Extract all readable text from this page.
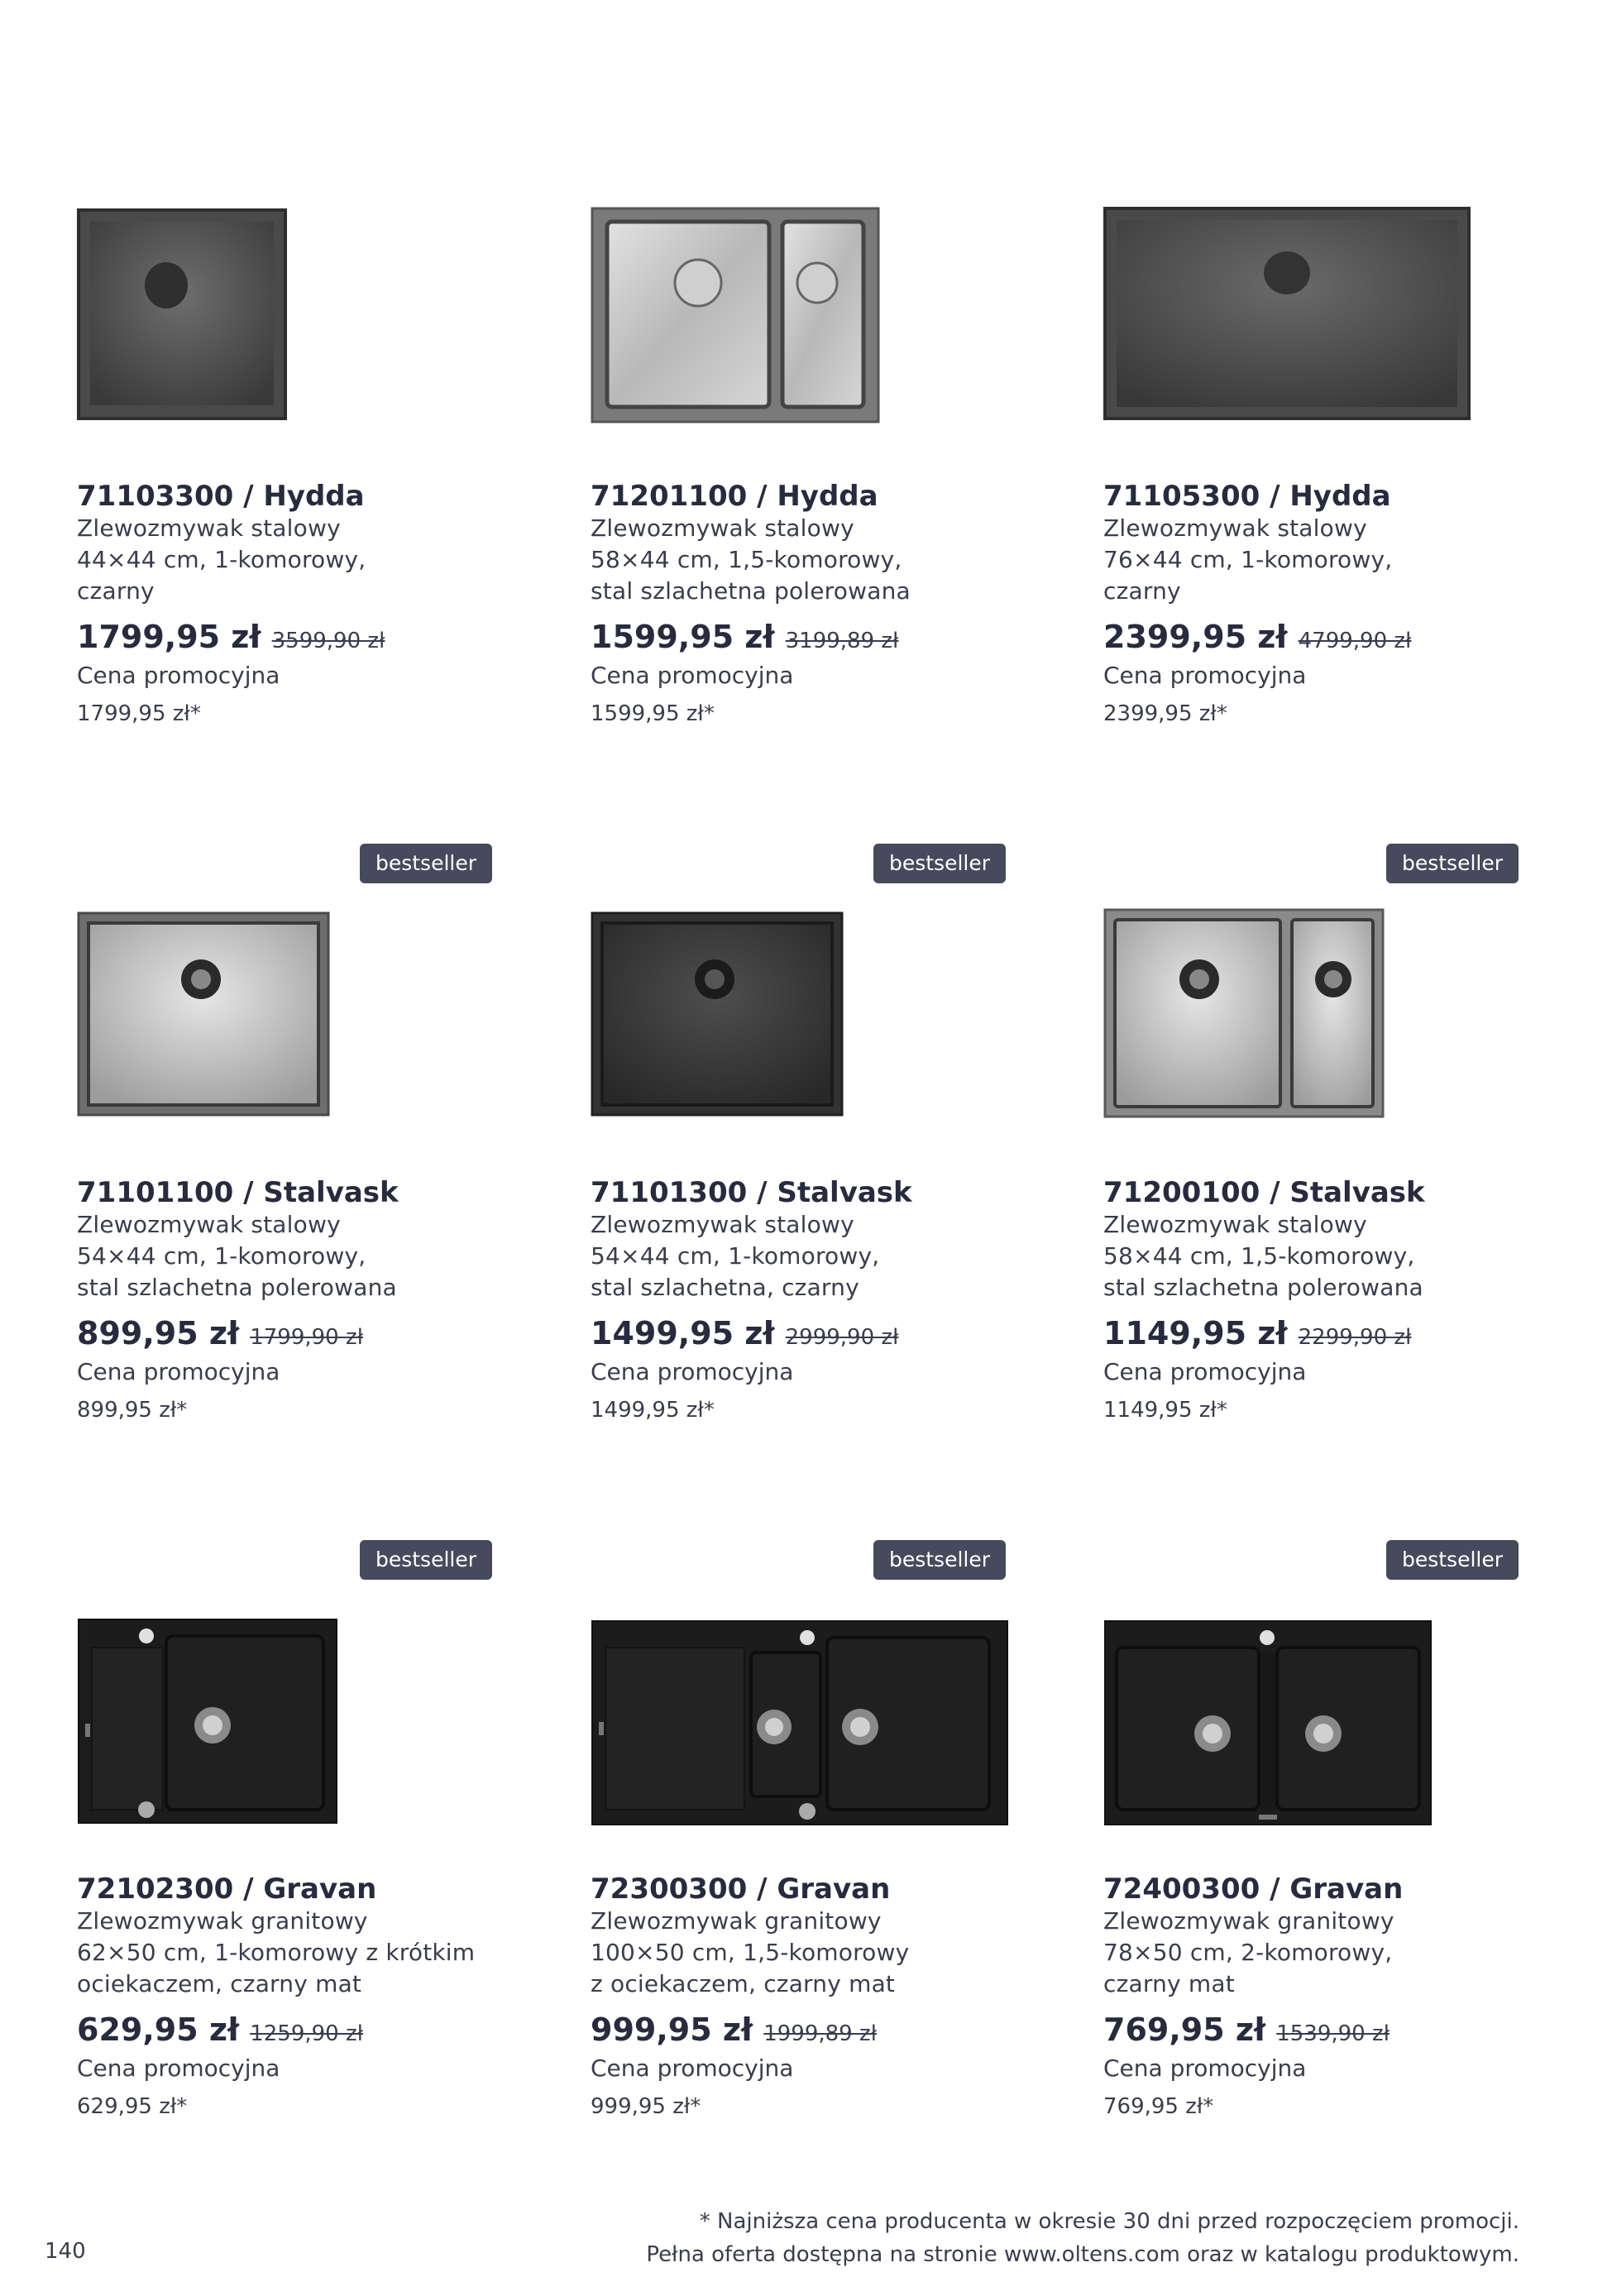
71103300 / Hydda
Zlewozmywak stalowy
44×44 cm, 1-komorowy,
czarny
1799,95 zł 3599,90 zł
Cena promocyjna
1799,95 zł*
71201100 / Hydda
Zlewozmywak stalowy
58×44 cm, 1,5-komorowy,
stal szlachetna polerowana
1599,95 zł 3199,89 zł
Cena promocyjna
1599,95 zł*
71105300 / Hydda
Zlewozmywak stalowy
76×44 cm, 1-komorowy,
czarny
2399,95 zł 4799,90 zł
Cena promocyjna
2399,95 zł*
bestseller
71101100 / Stalvask
Zlewozmywak stalowy
54×44 cm, 1-komorowy,
stal szlachetna polerowana
899,95 zł 1799,90 zł
Cena promocyjna
899,95 zł*
bestseller
71101300 / Stalvask
Zlewozmywak stalowy
54×44 cm, 1-komorowy,
stal szlachetna, czarny
1499,95 zł 2999,90 zł
Cena promocyjna
1499,95 zł*
bestseller
71200100 / Stalvask
Zlewozmywak stalowy
58×44 cm, 1,5-komorowy,
stal szlachetna polerowana
1149,95 zł 2299,90 zł
Cena promocyjna
1149,95 zł*
bestseller
72102300 / Gravan
Zlewozmywak granitowy
62×50 cm, 1-komorowy z krótkim
ociekaczem, czarny mat
629,95 zł 1259,90 zł
Cena promocyjna
629,95 zł*
bestseller
72300300 / Gravan
Zlewozmywak granitowy
100×50 cm, 1,5-komorowy
z ociekaczem, czarny mat
999,95 zł 1999,89 zł
Cena promocyjna
999,95 zł*
bestseller
72400300 / Gravan
Zlewozmywak granitowy
78×50 cm, 2-komorowy,
czarny mat
769,95 zł 1539,90 zł
Cena promocyjna
769,95 zł*
140
* Najniższa cena producenta w okresie 30 dni przed rozpoczęciem promocji.
Pełna oferta dostępna na stronie www.oltens.com oraz w katalogu produktowym.
